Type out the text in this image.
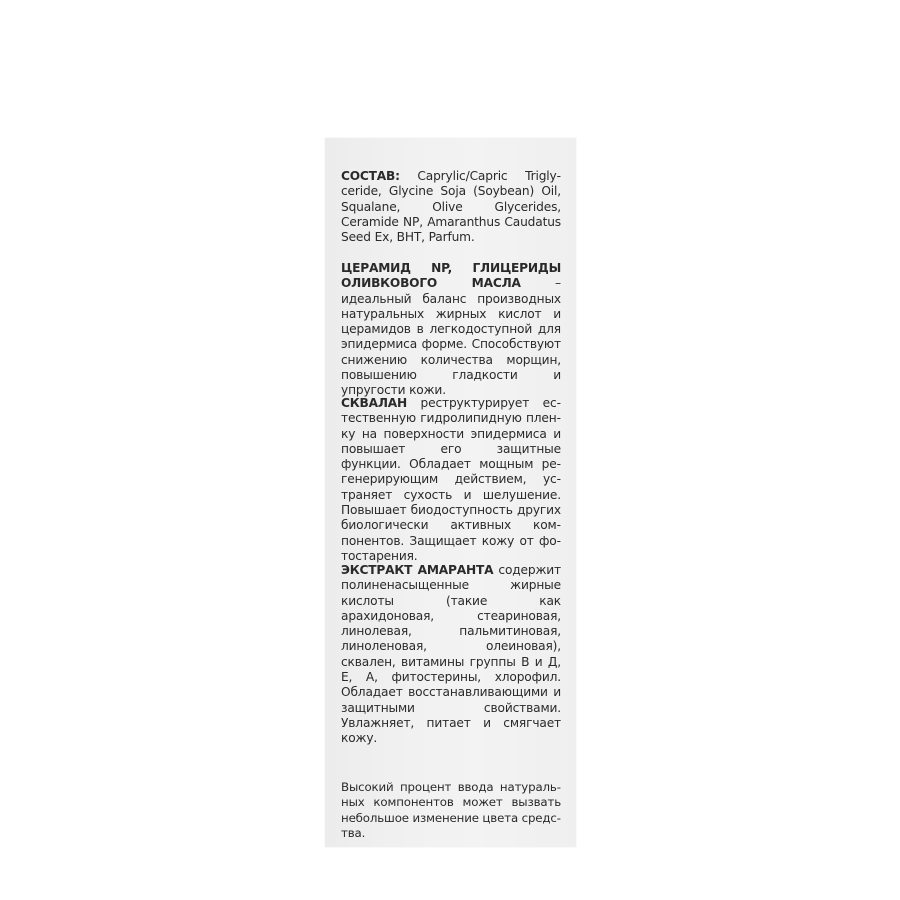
СОСТАВ: Caprylic/Capric Triglyceride, Glycine Soja (Soybean) Oil, Squalane, Olive Glycerides, Ceramide NP, Amaranthus Caudatus Seed Ex, BHT, Parfum.

ЦЕРАМИД NP, ГЛИЦЕРИДЫ ОЛИВКОВОГО МАСЛА – идеальный баланс производных натуральных жирных кислот и церамидов в легкодоступной для эпидермиса форме. Способствуют снижению количества морщин, повышению гладкости и упругости кожи.

СКВАЛАН реструктурирует естественную гидролипидную пленку на поверхности эпидермиса и повышает его защитные функции. Обладает мощным регенерирующим действием, устраняет сухость и шелушение. Повышает биодоступность других биологически активных компонентов. Защищает кожу от фотостарения.

ЭКСТРАКТ АМАРАНТА содержит полиненасыщенные жирные кислоты (такие как арахидоновая, стеариновая, линолевая, пальмитиновая, линоленовая, олеиновая), сквален, витамины группы В и Д, Е, А, фитостерины, хлорофил. Обладает восстанавливающими и защитными свойствами. Увлажняет, питает и смягчает кожу.

Высокий процент ввода натуральных компонентов может вызвать небольшое изменение цвета средства.
